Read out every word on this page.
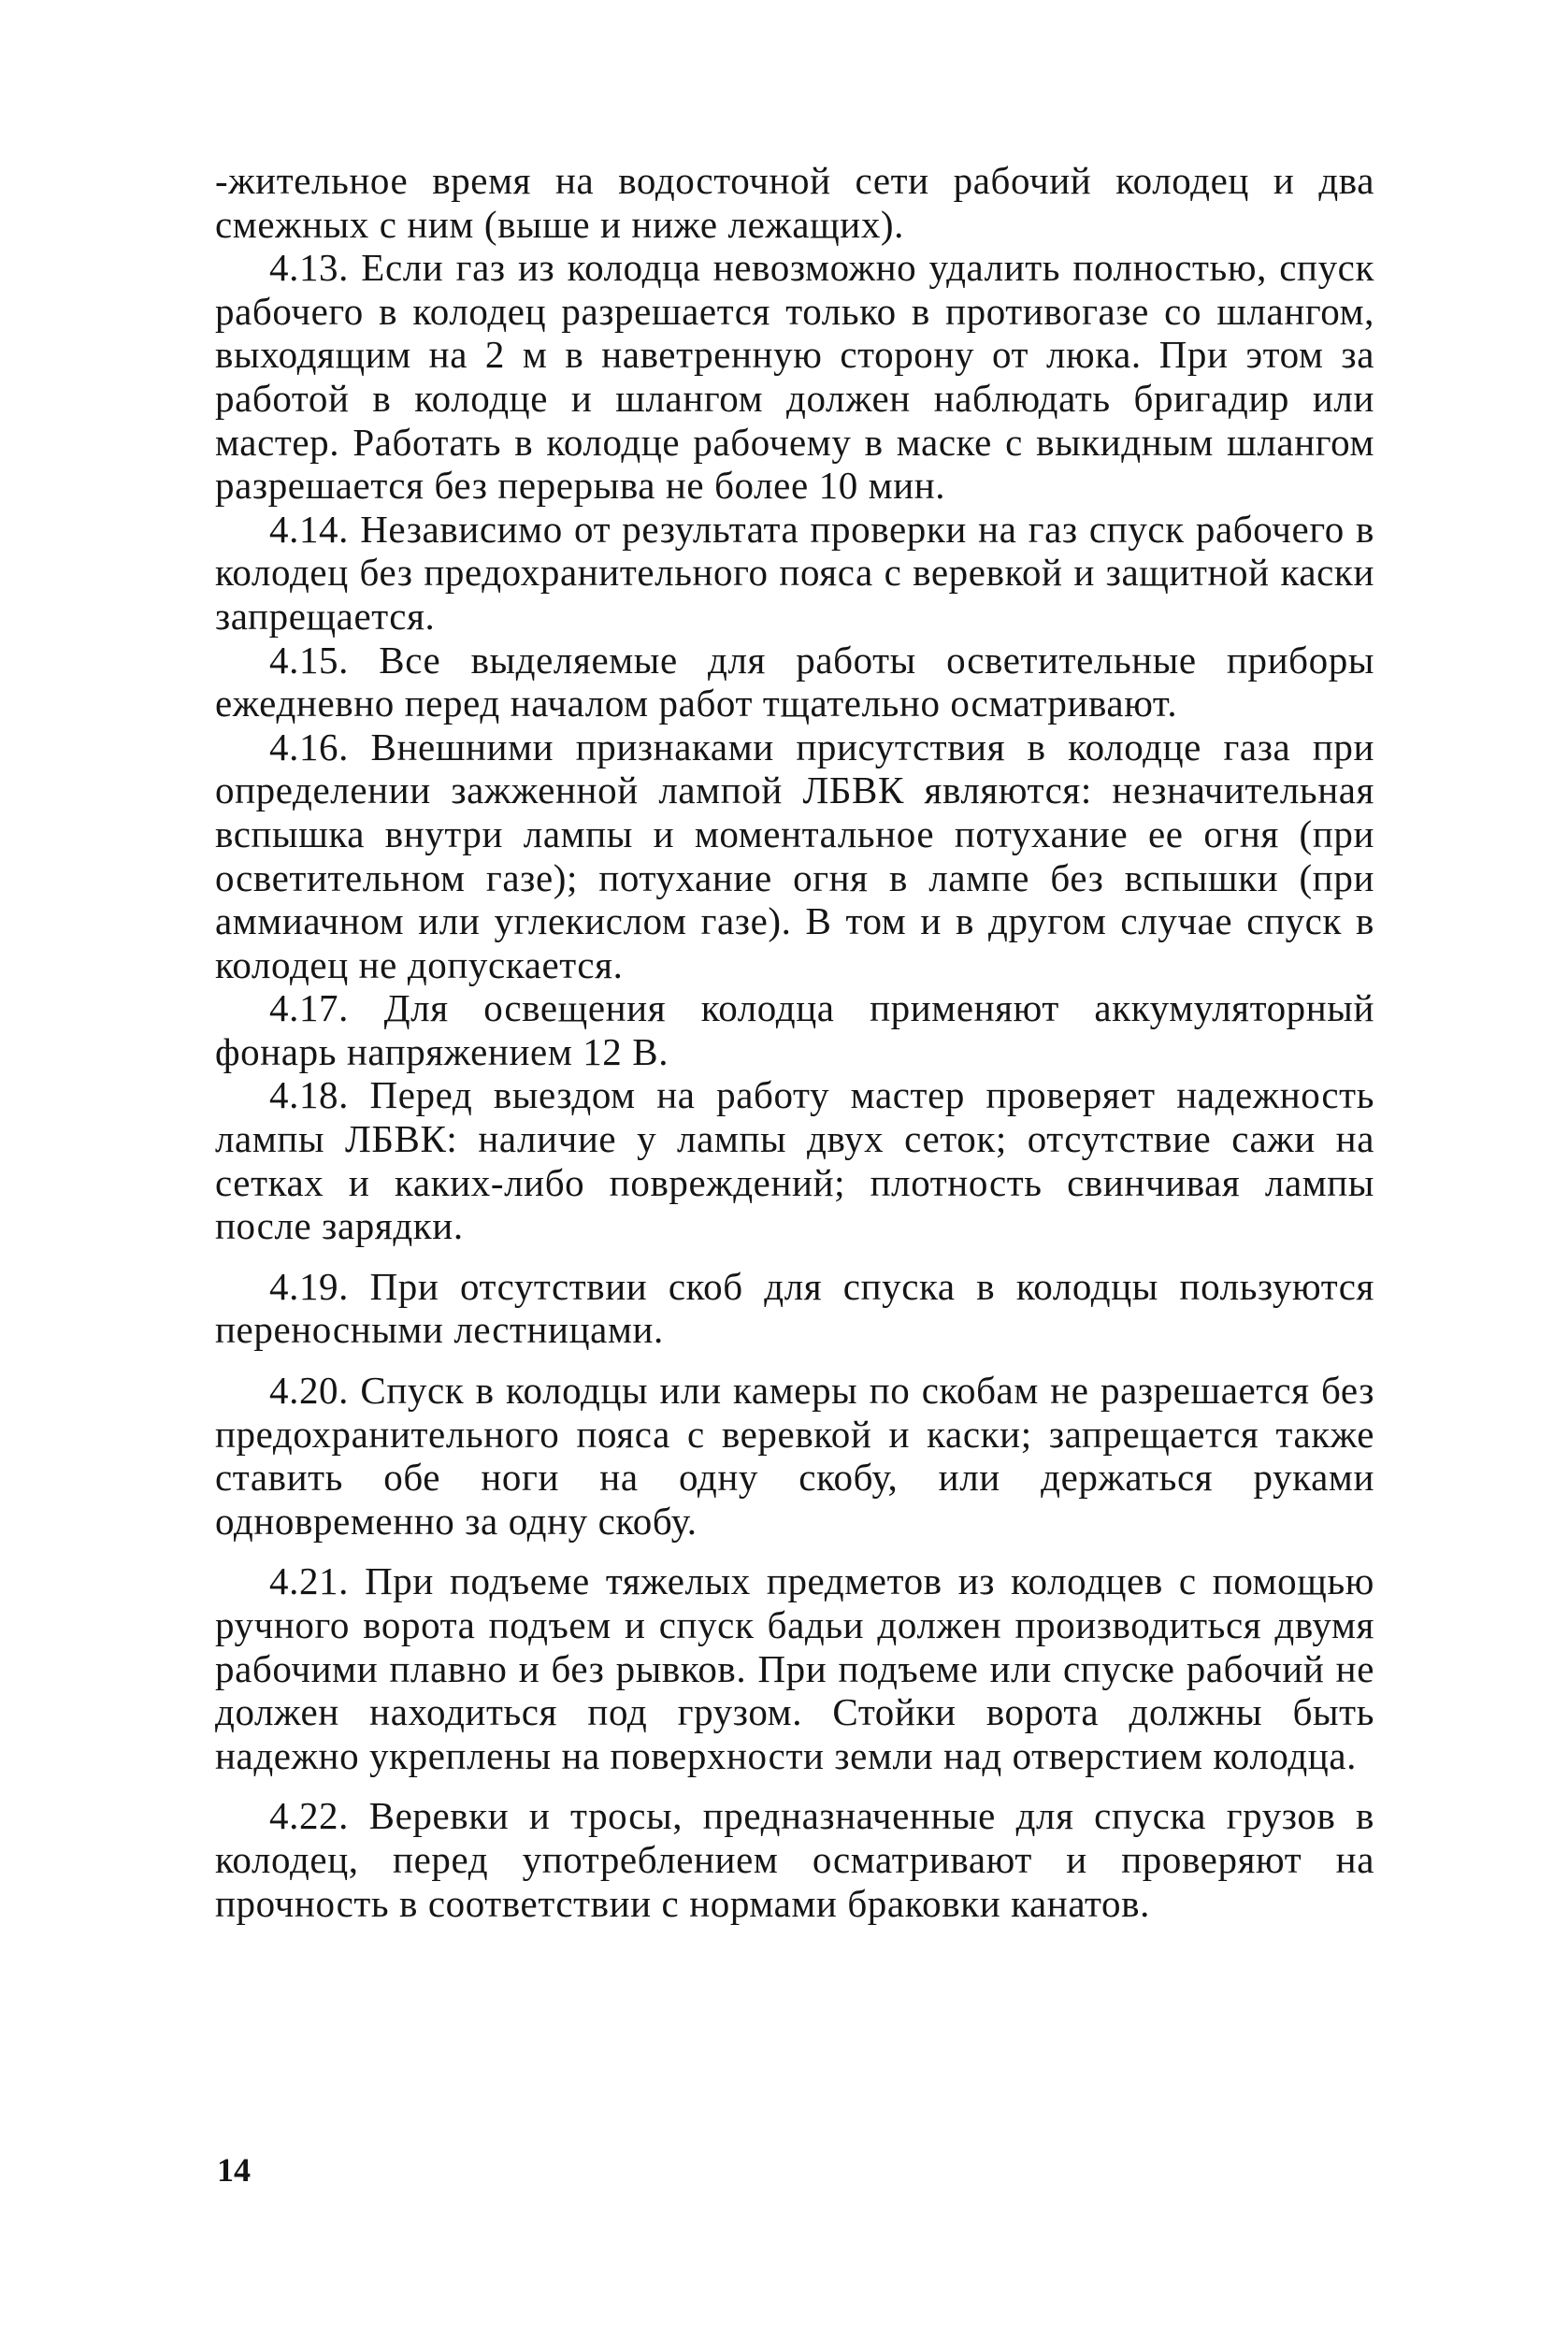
-жительное время на водосточной сети рабочий колодец и два смежных с ним (выше и ниже лежащих).

4.13. Если газ из колодца невозможно удалить полностью, спуск рабочего в колодец разрешается только в противогазе со шлангом, выходящим на 2 м в наветренную сторону от люка. При этом за работой в колодце и шлангом должен наблюдать бригадир или мастер. Работать в колодце рабочему в маске с выкидным шлангом разрешается без перерыва не более 10 мин.

4.14. Независимо от результата проверки на газ спуск рабочего в колодец без предохранительного пояса с веревкой и защитной каски запрещается.

4.15. Все выделяемые для работы осветительные приборы ежедневно перед началом работ тщательно осматривают.

4.16. Внешними признаками присутствия в колодце газа при определении зажженной лампой ЛБВК являются: незначительная вспышка внутри лампы и моментальное потухание ее огня (при осветительном газе); потухание огня в лампе без вспышки (при аммиачном или углекислом газе). В том и в другом случае спуск в колодец не допускается.

4.17. Для освещения колодца применяют аккумуляторный фонарь напряжением 12 В.

4.18. Перед выездом на работу мастер проверяет надежность лампы ЛБВК: наличие у лампы двух сеток; отсутствие сажи на сетках и каких-либо повреждений; плотность свинчивая лампы после зарядки.

4.19. При отсутствии скоб для спуска в колодцы пользуются переносными лестницами.

4.20. Спуск в колодцы или камеры по скобам не разрешается без предохранительного пояса с веревкой и каски; запрещается также ставить обе ноги на одну скобу, или держаться руками одновременно за одну скобу.

4.21. При подъеме тяжелых предметов из колодцев с помощью ручного ворота подъем и спуск бадьи должен производиться двумя рабочими плавно и без рывков. При подъеме или спуске рабочий не должен находиться под грузом. Стойки ворота должны быть надежно укреплены на поверхности земли над отверстием колодца.

4.22. Веревки и тросы, предназначенные для спуска грузов в колодец, перед употреблением осматривают и проверяют на прочность в соответствии с нормами браковки канатов.

14
